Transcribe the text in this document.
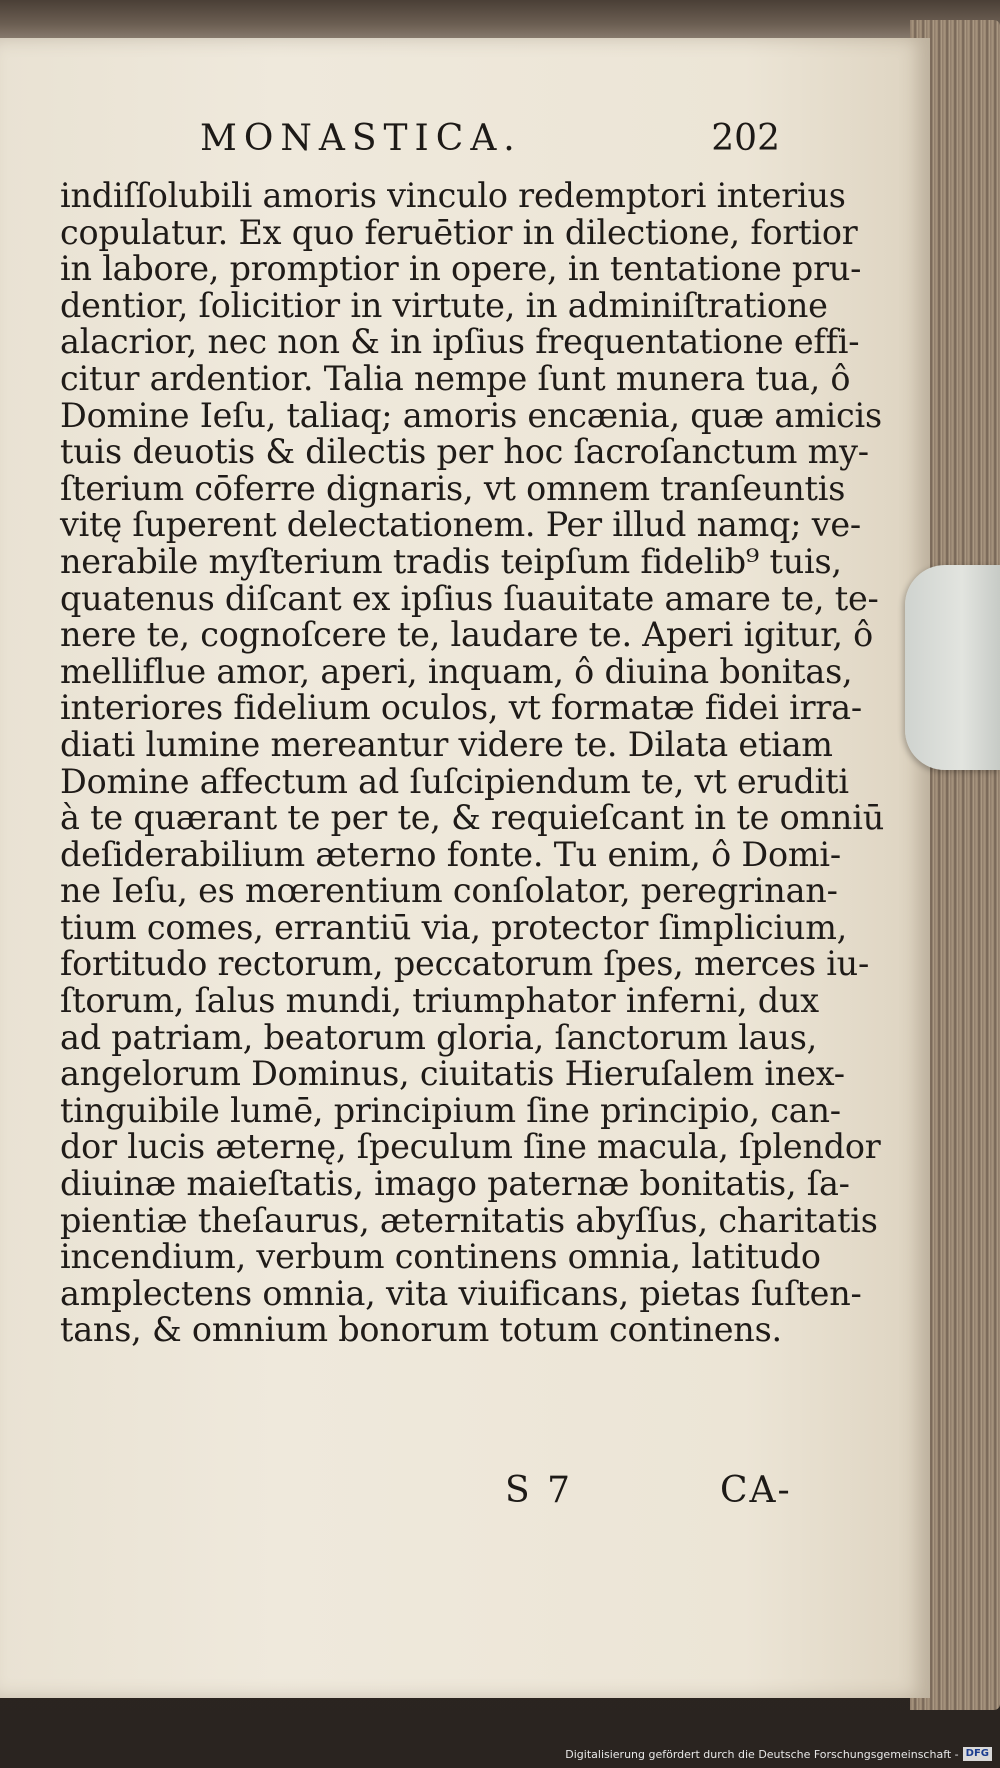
MONASTICA.	202
indiſſolubili amoris vinculo redemptori interius
copulatur. Ex quo feruētior in dilectione, fortior
in labore, promptior in opere, in tentatione pru-
dentior, ſolicitior in virtute, in adminiſtratione
alacrior, nec non & in ipſius frequentatione effi-
citur ardentior. Talia nempe ſunt munera tua, ô
Domine Ieſu, taliaq; amoris encænia, quæ amicis
tuis deuotis & dilectis per hoc ſacroſanctum my-
ſterium cōferre dignaris, vt omnem tranſeuntis
vitę ſuperent delectationem. Per illud namq; ve-
nerabile myſterium tradis teipſum fidelib⁹ tuis,
quatenus diſcant ex ipſius ſuauitate amare te, te-
nere te, cognoſcere te, laudare te. Aperi igitur, ô
melliflue amor, aperi, inquam, ô diuina bonitas,
interiores fidelium oculos, vt formatæ fidei irra-
diati lumine mereantur videre te. Dilata etiam
Domine affectum ad ſuſcipiendum te, vt eruditi
à te quærant te per te, & requieſcant in te omniū
deſiderabilium æterno fonte. Tu enim, ô Domi-
ne Ieſu, es mœrentium conſolator, peregrinan-
tium comes, errantiū via, protector ſimplicium,
fortitudo rectorum, peccatorum ſpes, merces iu-
ſtorum, ſalus mundi, triumphator inferni, dux
ad patriam, beatorum gloria, ſanctorum laus,
angelorum Dominus, ciuitatis Hieruſalem inex-
tinguibile lumē, principium ſine principio, can-
dor lucis æternę, ſpeculum ſine macula, ſplendor
diuinæ maieſtatis, imago paternæ bonitatis, ſa-
pientiæ theſaurus, æternitatis abyſſus, charitatis
incendium, verbum continens omnia, latitudo
amplectens omnia, vita viuificans, pietas ſuſten-
tans, & omnium bonorum totum continens.
S 7	CA-
Digitalisierung gefördert durch die Deutsche Forschungsgemeinschaft - DFG
